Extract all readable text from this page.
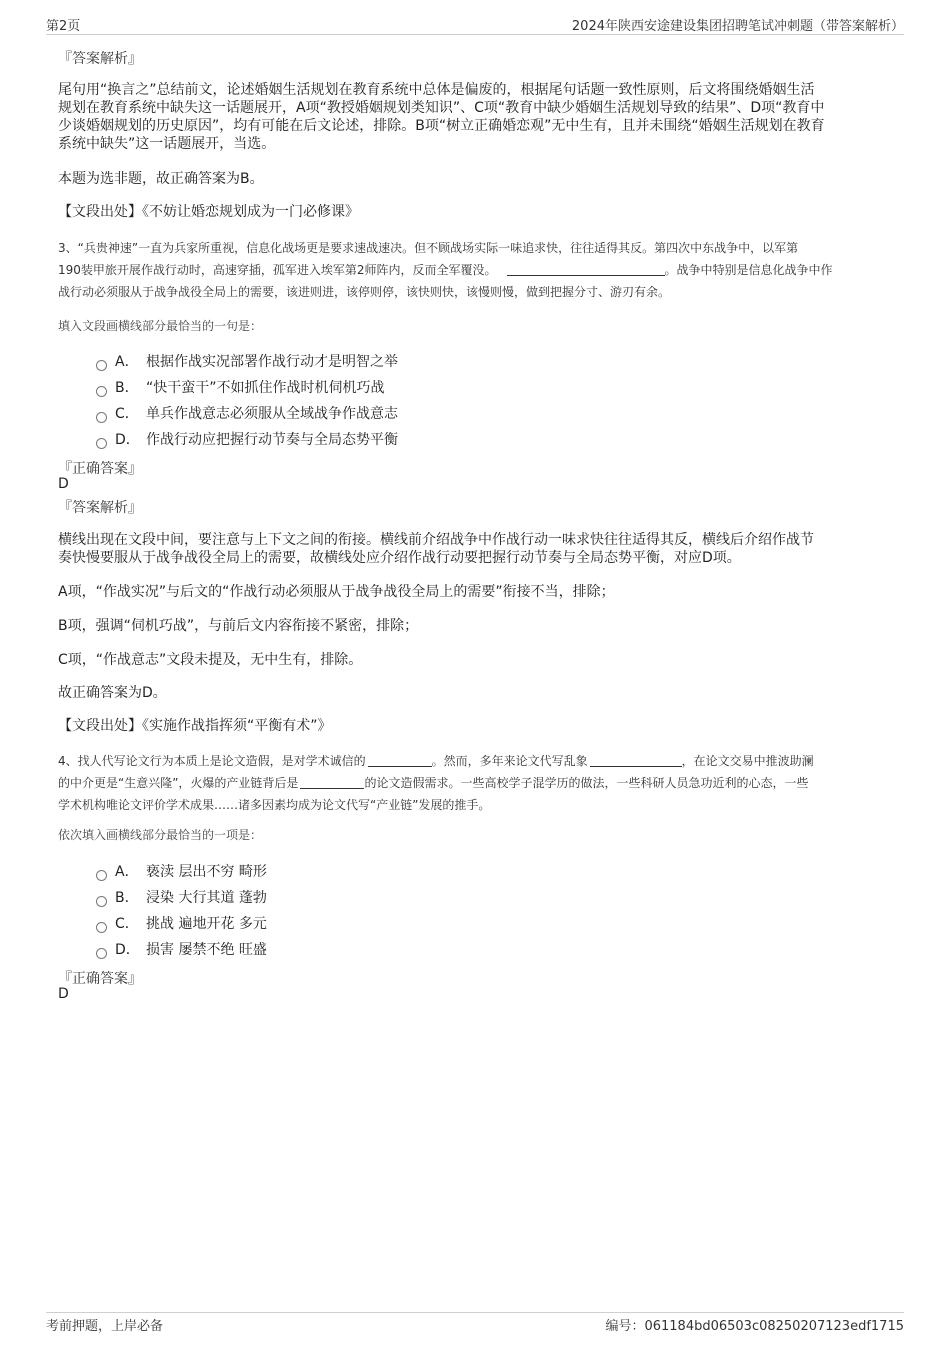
第2页	2024年陕西安途建设集团招聘笔试冲刺题（带答案解析）
『答案解析』
尾句用“换言之”总结前文，论述婚姻生活规划在教育系统中总体是偏废的，根据尾句话题一致性原则，后文将围绕婚姻生活
规划在教育系统中缺失这一话题展开，A项“教授婚姻规划类知识”、C项“教育中缺少婚姻生活规划导致的结果”、D项“教育中
少谈婚姻规划的历史原因”，均有可能在后文论述，排除。B项“树立正确婚恋观”无中生有，且并未围绕“婚姻生活规划在教育
系统中缺失”这一话题展开，当选。
本题为选非题，故正确答案为B。
【文段出处】《不妨让婚恋规划成为一门必修课》
3、“兵贵神速”一直为兵家所重视，信息化战场更是要求速战速决。但不顾战场实际一味追求快，往往适得其反。第四次中东战争中，以军第
190装甲旅开展作战行动时，高速穿插，孤军进入埃军第2师阵内，反而全军覆没。	。战争中特别是信息化战争中作
战行动必须服从于战争战役全局上的需要，该进则进，该停则停，该快则快，该慢则慢，做到把握分寸、游刃有余。
填入文段画横线部分最恰当的一句是：
A． 根据作战实况部署作战行动才是明智之举
B． “快干蛮干”不如抓住作战时机伺机巧战
C． 单兵作战意志必须服从全域战争作战意志
D． 作战行动应把握行动节奏与全局态势平衡
『正确答案』
D
『答案解析』
横线出现在文段中间，要注意与上下文之间的衔接。横线前介绍战争中作战行动一味求快往往适得其反，横线后介绍作战节
奏快慢要服从于战争战役全局上的需要，故横线处应介绍作战行动要把握行动节奏与全局态势平衡，对应D项。
A项，“作战实况”与后文的“作战行动必须服从于战争战役全局上的需要”衔接不当，排除；
B项，强调“伺机巧战”，与前后文内容衔接不紧密，排除；
C项，“作战意志”文段未提及，无中生有，排除。
故正确答案为D。
【文段出处】《实施作战指挥须“平衡有术”》
4、找人代写论文行为本质上是论文造假，是对学术诚信的	。然而，多年来论文代写乱象	，在论文交易中推波助澜
的中介更是“生意兴隆”，火爆的产业链背后是	的论文造假需求。一些高校学子混学历的做法，一些科研人员急功近利的心态，一些
学术机构唯论文评价学术成果……诸多因素均成为论文代写“产业链”发展的推手。
依次填入画横线部分最恰当的一项是：
A． 亵渎 层出不穷 畸形
B． 浸染 大行其道 蓬勃
C． 挑战 遍地开花 多元
D． 损害 屡禁不绝 旺盛
『正确答案』
D
考前押题，上岸必备	编号：061184bd06503c08250207123edf1715
